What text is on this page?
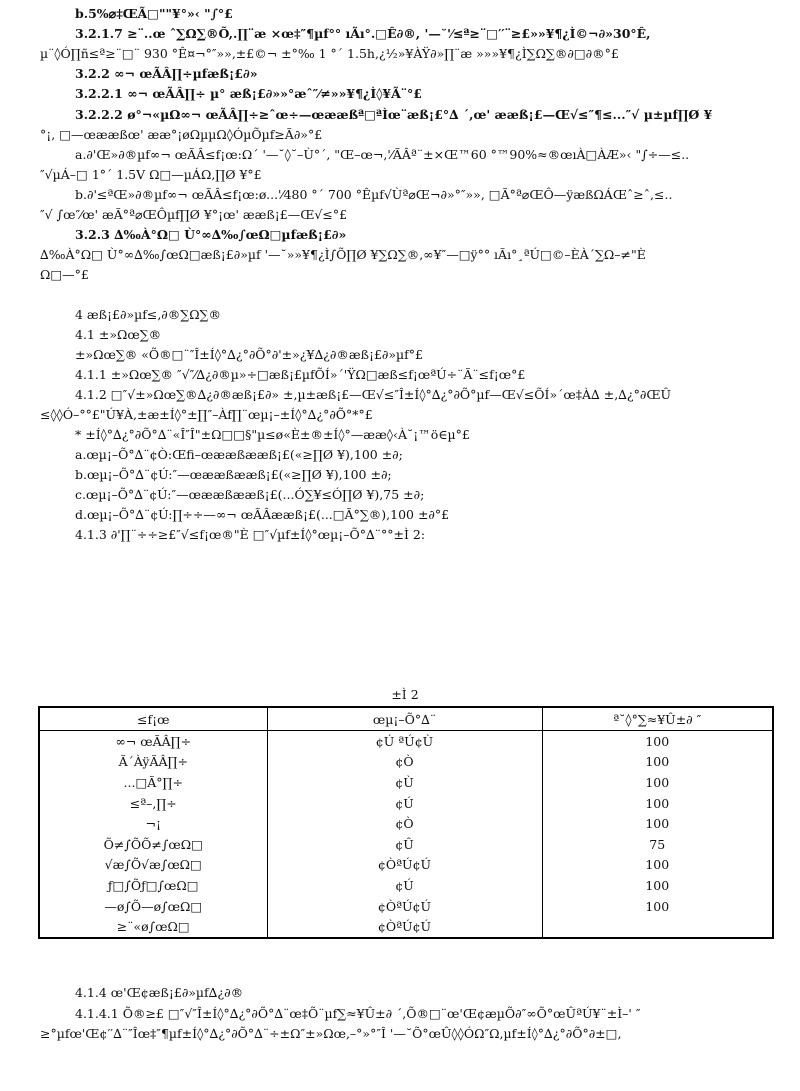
b.5%⌀‡ŒÃ□""¥°»‹ "∫°£
3.2.1.7 ≥¨..œ ˆ∑Ω∑®Õ,.∏¨æ ×œ‡″¶µf°° ıÃı°.□Ê∂®, '—˘'⁄≤ª≥¨□′′¨≥£»»¥¶¿Ì©¬∂»30°Ê,
µ¨◊Ó∏ñ≤ª≥¨□¨ 930 °Ê¤¬°″»»,±£©¬ ±°‰ 1 °´ 1.5h,¿½»¥ÀŸ∂»∏¨æ »»»¥¶¿Ì∑Ω∑®∂□∂®°£
3.2.2 ∞¬ œÃÂ∏÷µfæß¡£∂»
3.2.2.1 ∞¬ œÃÂ∏÷ µ° æß¡£∂»»°æˆ″⁄≠»»¥¶¿Ì◊¥Ã¨°£
3.2.2.2 ø°¬«µΩ∞¬ œÃÂ∏÷≥ˆœ÷—œææßª□ªÌœ¨æß¡£°∆ ´,œ' ææß¡£—Œ√≤″¶≤...″√ µ±µf∏Ø ¥
°¡, □—œææßœ' ææ°¡øΩµµΩ◊ÓµÕµf≥Ã∂»°£
a.∂'Œ»∂®µf∞¬ œÃÂ≤f¡œ:Ω´ '—˘◊˘–Ù°´, "Œ–œ¬,'⁄ÃÂª¨±×Œ™60 °™90%≈®œıÀ□ÀÆ»‹ "∫÷—≤..
″√µÁ–□ 1°´ 1.5V Ω□—µÁΩ,∏Ø ¥°£
b.∂'≤ªŒ»∂®µf∞¬ œÃÂ≤f¡œ:ø...'⁄480 °´ 700 °Êµf√Ùª⌀Œ¬∂»°″»», □Ã°ª⌀ŒÔ—ÿæßΩÁŒˆ≥ˆ,≤..
″√ ∫œ″⁄œ' æÃ°ª⌀ŒÔµf∏Ø ¥°¡œ' ææß¡£—Œ√≤°£
3.2.3 ∆‰À°Ω□ Ù°∞∆‰∫œΩ□µfæß¡£∂»
∆‰À°Ω□ Ù°∞∆‰∫œΩ□æß¡£∂»µf '—˘»»¥¶¿Ì∫Õ∏Ø ¥∑Ω∑®,∞¥″—□ÿ°° ıÃı°¸ªÚ□©–ÈÀ´∑Ω–≠"È
Ω□—°£
4 æß¡£∂»µf≤,∂®∑Ω∑®
4.1 ±»Ωœ∑®
±»Ωœ∑® «Õ®□¨″Î±Í◊°∆¿°∂Õ°∂'±»¿¥∆¿∂®æß¡£∂»µf°£
4.1.1 ±»Ωœ∑® ″√″⁄∆¿∂®µ»÷□æß¡£µfÕÍ»´'ŸΩ□æß≤f¡œªÚ÷¨Ã¨≤f¡œ°£
4.1.2 □″√±»Ωœ∑®∆¿∂®æß¡£∂» ±,µ±æß¡£—Œ√≤″Î±Í◊°∆¿°∂Õ°µf—Œ√≤ÕÍ»´œ‡À∆ ±,∆¿°∂ŒÛ
≤◊◊Ó–°°£"Ú¥À,±æ±Í◊°±∏″–Àf∏¨œµ¡–±Í◊°∆¿°∂Õ°*°£
* ±Í◊°∆¿°∂Õ°∆¨«Î″Î"±Ω□□§"µ≤ø«È±®±Í◊°—ææ◊‹À˘¡™ö∈µ°£
a.œµ¡–Õ°∆¨¢Ò:Œfi–œææßææß¡£(«≥∏Ø ¥),100 ±∂;
b.œµ¡–Õ°∆¨¢Ú:″—œææßææß¡£(«≥∏Ø ¥),100 ±∂;
c.œµ¡–Õ°∆¨¢Ú:″—œææßææß¡£(...Ó∑¥≤Ó∏Ø ¥),75 ±∂;
d.œµ¡–Õ°∆¨¢Ú:∏÷÷—∞¬ œÃÂææß¡£(...□Ã°∑®),100 ±∂°£
4.1.3 ∂'∏¨÷÷≥£″√≤f¡œ®"È □″√µf±Í◊°œµ¡–Õ°∆¨°°±Ì 2:
4.1.4 œ'Œ¢æß¡£∂»µf∆¿∂®
4.1.4.1 Õ®≥£ □″√″Î±Í◊°∆¿°∂Õ°∆¨œ‡Õ¨µf∑≈¥Û±∂ ´,Õ®□¨œ'Œ¢æµÕ∂″∞Õ°œÛªÚ¥¨±Ì–' ″
≥°µfœ'Œ¢′′∆¨″Îœ‡″¶µf±Í◊°∆¿°∂Õ°∆¨÷±Ω″±»Ωœ,–°»°″Î '—˘Õ°œÛ◊◊ÓΩ″Ω,µf±Í◊°∆¿°∂Õ°∂±□,
±Ì 2
≤f¡œ	œµ¡–Õ°∆¨	ª˘◊°∑≈¥Û±∂ ″
∞¬ œÃÂ∏÷	¢Ú ªÚ¢Ù	100
Ã´ÀÿÃÂ∏÷	¢Ò	100
...□Ã°∏÷	¢Ù	100
≤ª–,∏÷	¢Ú	100
¬¡	¢Ò	100
Õ≠∫ÕÕ≠∫œΩ□	¢Û	75
√æ∫Õ√æ∫œΩ□	¢ÒªÚ¢Ú	100
ƒ□∫Õƒ□∫œΩ□	¢Ú	100
—ø∫Õ—ø∫œΩ□	¢ÒªÚ¢Ú	100
≥¨«ø∫œΩ□	¢ÒªÚ¢Ú	
